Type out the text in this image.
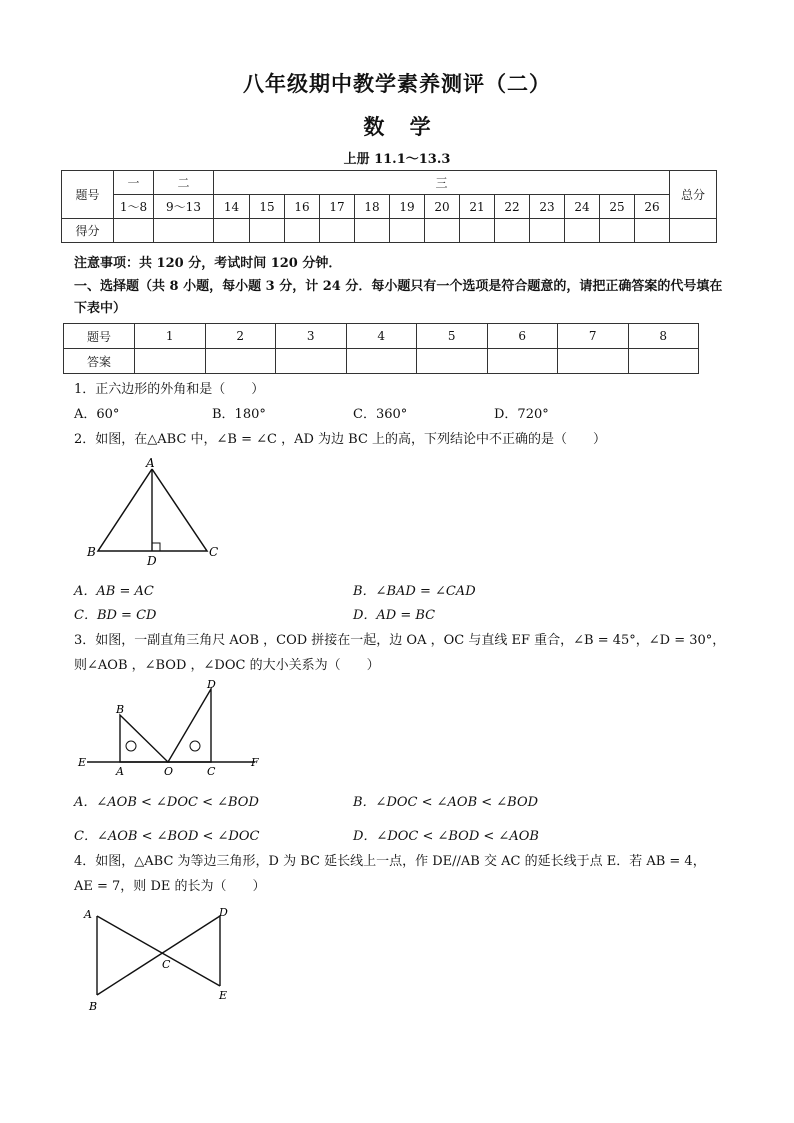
八年级期中教学素养测评（二）
数 学
上册 11.1～13.3
题号	一	二	三													总分
	1～8	9～13	14	15	16	17	18	19	20	21	22	23	24	25	26	
得分																
注意事项：共 120 分，考试时间 120 分钟．
一、选择题（共 8 小题，每小题 3 分，计 24 分．每小题只有一个选项是符合题意的，请把正确答案的代号填在下表中）
题号	1	2	3	4	5	6	7	8
答案								
1．正六边形的外角和是（　　）
A．60°	B．180°	C．360°	D．720°
2．如图，在△ABC 中，∠B = ∠C ，AD 为边 BC 上的高，下列结论中不正确的是（　　）
A
B	C
D
A．AB = AC	B．∠BAD = ∠CAD
C．BD = CD	D．AD = BC
3．如图，一副直角三角尺 AOB ，COD 拼接在一起，边 OA ，OC 与直线 EF 重合，∠B = 45°，∠D = 30°，
则∠AOB ，∠BOD ，∠DOC 的大小关系为（　　）
D
B
E
A	O	C
F
A．∠AOB < ∠DOC < ∠BOD	B．∠DOC < ∠AOB < ∠BOD
C．∠AOB < ∠BOD < ∠DOC	D．∠DOC < ∠BOD < ∠AOB
4．如图，△ABC 为等边三角形，D 为 BC 延长线上一点，作 DE//AB 交 AC 的延长线于点 E．若 AB = 4，
AE = 7，则 DE 的长为（　　）
A	D
C
B
E
